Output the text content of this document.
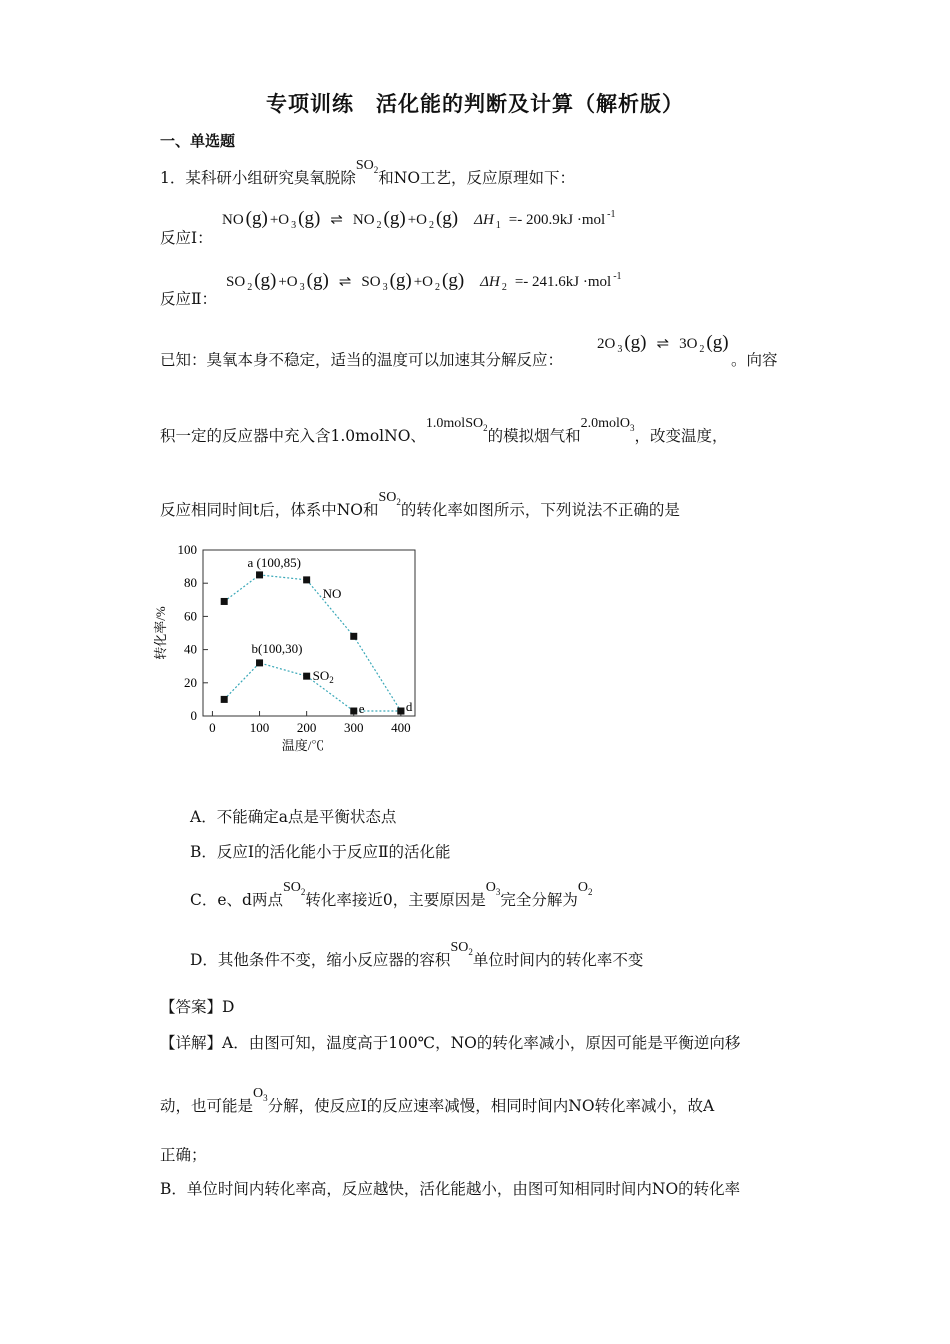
专项训练　活化能的判断及计算（解析版）
一、单选题
1．某科研小组研究臭氧脱除$SO_2$和NO工艺，反应原理如下：
反应Ⅰ：
NO (g) +O 3 (g) ⇌ NO 2 (g) +O 2 (g) ΔH 1 =- 200.9kJ ·mol -1
反应Ⅱ：
SO 2 (g) +O 3 (g) ⇌ SO 3 (g) +O 2 (g) ΔH 2 =- 241.6kJ ·mol -1
已知：臭氧本身不稳定，适当的温度可以加速其分解反应：
2O 3 (g) ⇌ 3O 2 (g)
。向容
积一定的反应器中充入含1.0molNO、1.0molSO$_2$的模拟烟气和2.0molO$_3$，改变温度，
反应相同时间t后，体系中NO和$SO_2$的转化率如图所示，下列说法不正确的是
0
20
40
60
80
100
0	100 200 300 400
转化率/%
温度/℃
a (100,85)
b(100,30)
e	d
NO
$SO_2$
A．不能确定a点是平衡状态点
B．反应Ⅰ的活化能小于反应Ⅱ的活化能
C．e、d两点$SO_2$转化率接近0，主要原因是$O_3$完全分解为$O_2$
D．其他条件不变，缩小反应器的容积$SO_2$单位时间内的转化率不变
【答案】D
【详解】A．由图可知，温度高于100℃，NO的转化率减小，原因可能是平衡逆向移
动，也可能是$O_3$分解，使反应Ⅰ的反应速率减慢，相同时间内NO转化率减小，故A
正确；
B．单位时间内转化率高，反应越快，活化能越小，由图可知相同时间内NO的转化率
